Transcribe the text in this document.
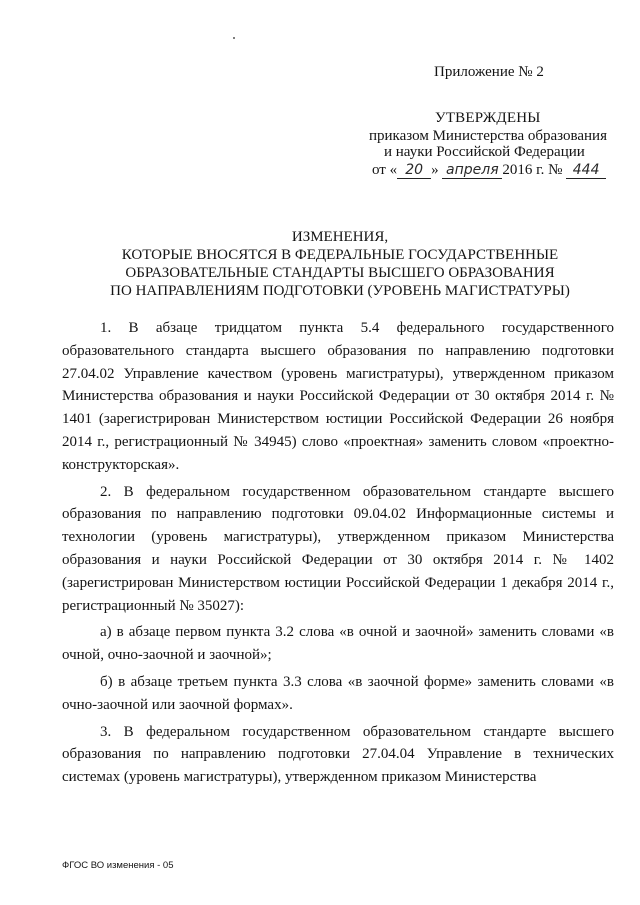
Приложение № 2
УТВЕРЖДЕНЫ
приказом Министерства образования
и науки Российской Федерации
от « 20 » апреля 2016 г. № 444
ИЗМЕНЕНИЯ,
КОТОРЫЕ ВНОСЯТСЯ В ФЕДЕРАЛЬНЫЕ ГОСУДАРСТВЕННЫЕ
ОБРАЗОВАТЕЛЬНЫЕ СТАНДАРТЫ ВЫСШЕГО ОБРАЗОВАНИЯ
ПО НАПРАВЛЕНИЯМ ПОДГОТОВКИ (УРОВЕНЬ МАГИСТРАТУРЫ)

1. В абзаце тридцатом пункта 5.4 федерального государственного образовательного стандарта высшего образования по направлению подготовки 27.04.02 Управление качеством (уровень магистратуры), утвержденном приказом Министерства образования и науки Российской Федерации от 30 октября 2014 г. № 1401 (зарегистрирован Министерством юстиции Российской Федерации 26 ноября 2014 г., регистрационный № 34945) слово «проектная» заменить словом «проектно-конструкторская».

2. В федеральном государственном образовательном стандарте высшего образования по направлению подготовки 09.04.02 Информационные системы и технологии (уровень магистратуры), утвержденном приказом Министерства образования и науки Российской Федерации от 30 октября 2014 г. № 1402 (зарегистрирован Министерством юстиции Российской Федерации 1 декабря 2014 г., регистрационный № 35027):

а) в абзаце первом пункта 3.2 слова «в очной и заочной» заменить словами «в очной, очно-заочной и заочной»;

б) в абзаце третьем пункта 3.3 слова «в заочной форме» заменить словами «в очно-заочной или заочной формах».

3. В федеральном государственном образовательном стандарте высшего образования по направлению подготовки 27.04.04 Управление в технических системах (уровень магистратуры), утвержденном приказом Министерства

ФГОС ВО изменения - 05
